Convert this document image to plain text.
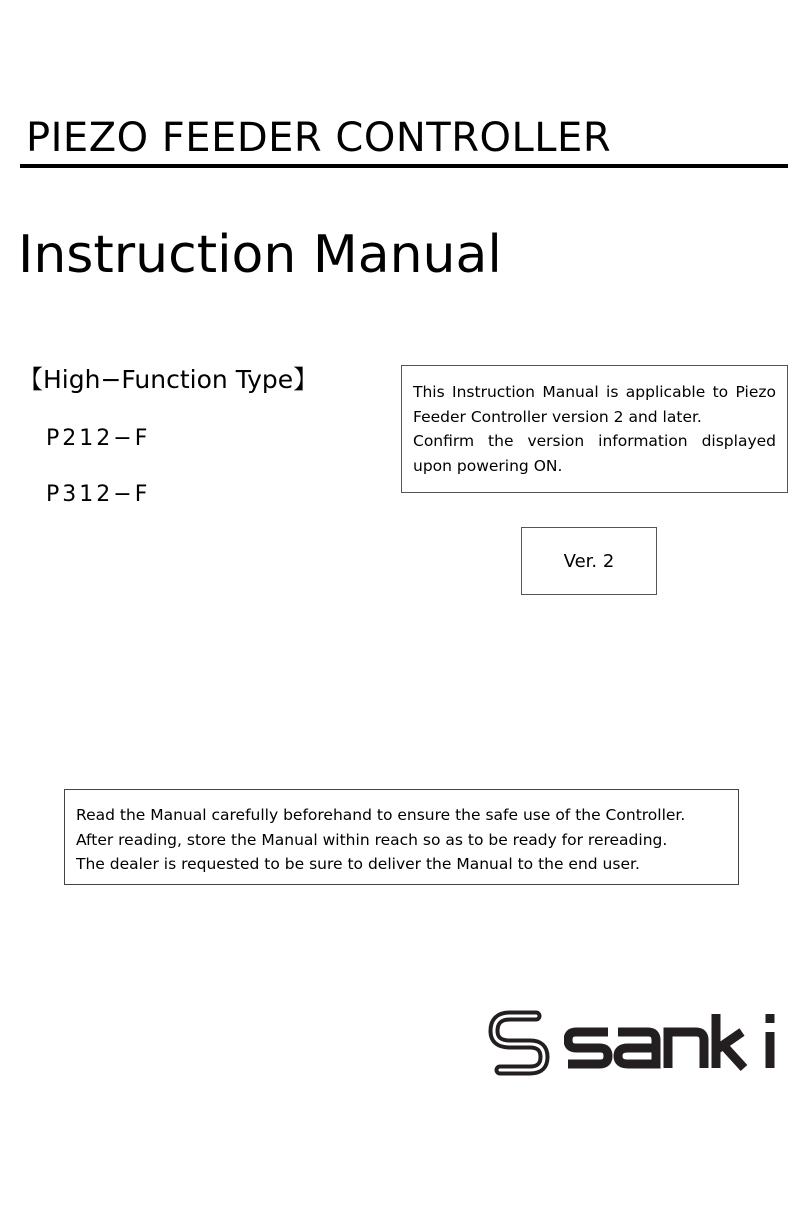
PIEZO FEEDER CONTROLLER
Instruction Manual
【High−Function Type】
P212−F
P312−F

This Instruction Manual is applicable to Piezo Feeder Controller version 2 and later.

Confirm the version information displayed upon powering ON.

Ver. 2

Read the Manual carefully beforehand to ensure the safe use of the Controller.

After reading, store the Manual within reach so as to be ready for rereading.

The dealer is requested to be sure to deliver the Manual to the end user.
